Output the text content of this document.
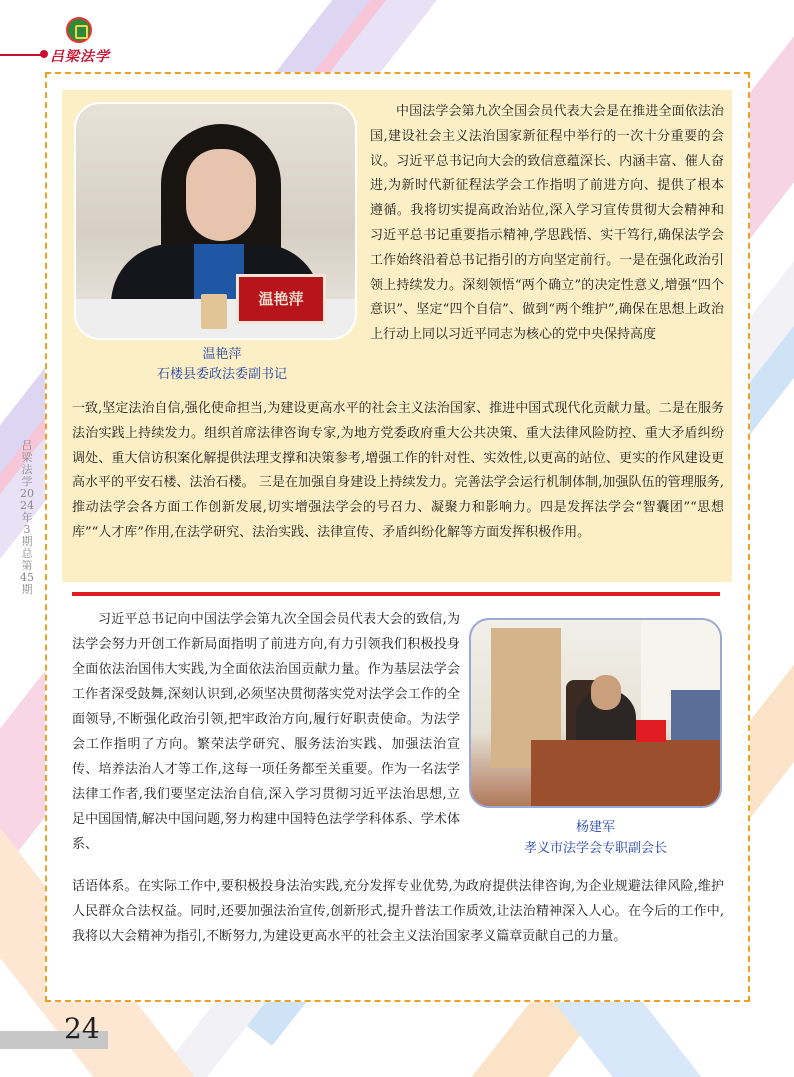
吕梁法学
吕梁法学 2024年3期 总第45期
温艳萍
温艳萍
石楼县委政法委副书记
中国法学会第九次全国会员代表大会是在推进全面依法治国,建设社会主义法治国家新征程中举行的一次十分重要的会议。习近平总书记向大会的致信意蕴深长、内涵丰富、催人奋进,为新时代新征程法学会工作指明了前进方向、提供了根本遵循。我将切实提高政治站位,深入学习宣传贯彻大会精神和习近平总书记重要指示精神,学思践悟、实干笃行,确保法学会工作始终沿着总书记指引的方向坚定前行。一是在强化政治引领上持续发力。深刻领悟“两个确立”的决定性意义,增强“四个意识”、坚定“四个自信”、做到“两个维护”,确保在思想上政治上行动上同以习近平同志为核心的党中央保持高度
一致,坚定法治自信,强化使命担当,为建设更高水平的社会主义法治国家、推进中国式现代化贡献力量。二是在服务法治实践上持续发力。组织首席法律咨询专家,为地方党委政府重大公共决策、重大法律风险防控、重大矛盾纠纷调处、重大信访积案化解提供法理支撑和决策参考,增强工作的针对性、实效性,以更高的站位、更实的作风建设更高水平的平安石楼、法治石楼。 三是在加强自身建设上持续发力。完善法学会运行机制体制,加强队伍的管理服务,推动法学会各方面工作创新发展,切实增强法学会的号召力、凝聚力和影响力。四是发挥法学会“智囊团”“思想库”“人才库”作用,在法学研究、法治实践、法律宣传、矛盾纠纷化解等方面发挥积极作用。
习近平总书记向中国法学会第九次全国会员代表大会的致信,为法学会努力开创工作新局面指明了前进方向,有力引领我们积极投身全面依法治国伟大实践,为全面依法治国贡献力量。作为基层法学会工作者深受鼓舞,深刻认识到,必须坚决贯彻落实党对法学会工作的全面领导,不断强化政治引领,把牢政治方向,履行好职责使命。为法学会工作指明了方向。繁荣法学研究、服务法治实践、加强法治宣传、培养法治人才等工作,这每一项任务都至关重要。作为一名法学法律工作者,我们要坚定法治自信,深入学习贯彻习近平法治思想,立足中国国情,解决中国问题,努力构建中国特色法学学科体系、学术体系、
杨建军
孝义市法学会专职副会长
话语体系。在实际工作中,要积极投身法治实践,充分发挥专业优势,为政府提供法律咨询,为企业规避法律风险,维护人民群众合法权益。同时,还要加强法治宣传,创新形式,提升普法工作质效,让法治精神深入人心。在今后的工作中,我将以大会精神为指引,不断努力,为建设更高水平的社会主义法治国家孝义篇章贡献自己的力量。
24
